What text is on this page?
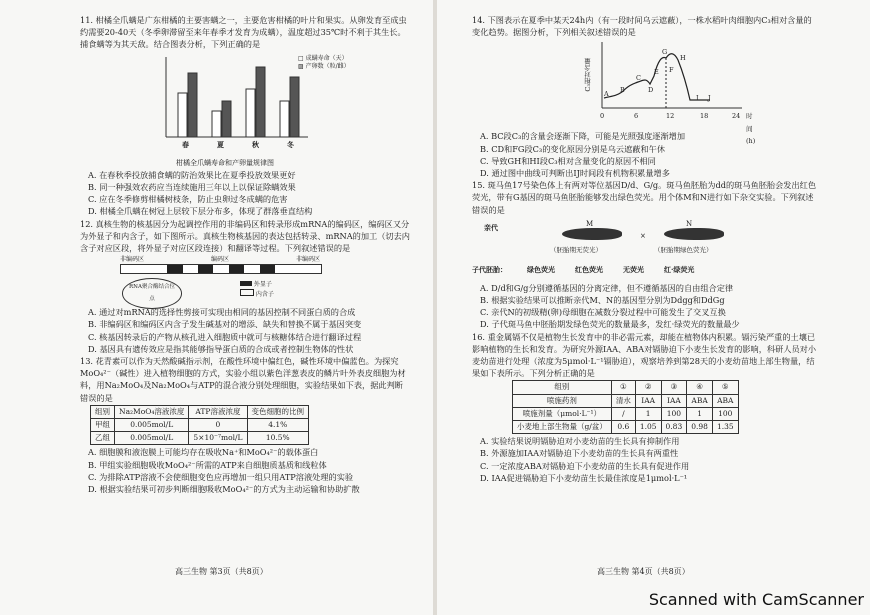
11. 柑橘全爪螨是广东柑橘的主要害螨之一，主要危害柑橘的叶片和果实。从卵发育至成虫约需要20-40天（冬季卵滞留至来年春季才发育为成螨），温度超过35℃时不利于其生长。捕食螨等为其天敌。结合图表分析，下列正确的是

□ 成螨寿命（天）
▨ 产卵数（粒/雌）
春	夏	秋	冬
柑橘全爪螨寿命和产卵量规律图

A. 在春秋季投放捕食螨的防治效果比在夏季投放效果更好

B. 同一种强效农药应当连续施用三年以上以保证除螨效果

C. 应在冬季修剪柑橘树枝条，防止虫卵过冬成螨的危害

D. 柑橘全爪螨在树冠上层较下层分布多，体现了群落垂直结构

12. 真核生物的核基因分为起调控作用的非编码区和转录形成mRNA的编码区，编码区又分为外显子和内含子，如下图所示。真核生物核基因的表达包括转录、mRNA的加工（切去内含子对应区段，将外显子对应区段连接）和翻译等过程。下列叙述错误的是

非编码区	编码区	非编码区
RNA聚合酶结合位点
外显子
内含子

A. 通过对mRNA的选择性剪接可实现由相同的基因控制不同蛋白质的合成

B. 非编码区和编码区内含子发生碱基对的增添、缺失和替换不属于基因突变

C. 核基因转录后的产物从核孔进入细胞质中就可与核糖体结合进行翻译过程

D. 基因具有遗传效应是指其能够指导蛋白质的合成或者控制生物体的性状

13. 花青素可以作为天然酸碱指示剂，在酸性环境中偏红色，碱性环境中偏蓝色。为探究MoO₄²⁻（碱性）进入植物细胞的方式，实验小组以紫色洋葱表皮的鳞片叶外表皮细胞为材料，用Na₂MoO₄及Na₂MoO₄与ATP的混合液分别处理细胞，实验结果如下表，据此判断错误的是

组别	Na₂MoO₄溶液浓度	ATP溶液浓度	变色细胞的比例
甲组	0.005mol/L	0	4.1%
乙组	0.005mol/L	5×10⁻⁷mol/L	10.5%

A. 细胞膜和液泡膜上可能均存在吸收Na⁺和MoO₄²⁻的载体蛋白

B. 甲组实验细胞吸收MoO₄²⁻所需的ATP来自细胞质基质和线粒体

C. 为排除ATP溶液不会使细胞变色应再增加一组只用ATP溶液处理的实验

D. 根据实验结果可初步判断细胞吸收MoO₄²⁻的方式为主动运输和协助扩散

高三生物 第3页（共8页）

14. 下图表示在夏季中某天24h内（有一段时间乌云遮蔽），一株水稻叶肉细胞内C₃相对含量的变化趋势。据图分析，下列相关叙述错误的是

C₃相对含量
0	6	12	18	24 时间(h)
A B
C
D
E F
G
H
I J

A. BC段C₃的含量会逐渐下降，可能是光照强度逐渐增加

B. CD和FG段C₃的变化原因分别是乌云遮蔽和午休

C. 导致GH和HI段C₃相对含量变化的原因不相同

D. 通过图中曲线可判断出IJ时间段有机物积累量增多

15. 斑马鱼17号染色体上有两对等位基因D/d、G/g。斑马鱼胚胎为dd的斑马鱼胚胎会发出红色荧光，带有G基因的斑马鱼胚胎能够发出绿色荧光。用个体M和N进行如下杂交实验。下列叙述错误的是

亲代	M
×
N
（胚胎期无荧光）	（胚胎期绿色荧光）
子代胚胎：	绿色荧光	红色荧光	无荧光	红·绿荧光

A. D/d和G/g分别遵循基因的分离定律，但不遵循基因的自由组合定律

B. 根据实验结果可以推断亲代M、N的基因型分别为Ddgg和DdGg

C. 亲代N的初级精(卵)母细胞在减数分裂过程中可能发生了交叉互换

D. 子代斑马鱼中胚胎期发绿色荧光的数量最多，发红·绿荧光的数量最少

16. 重金属镉不仅是植物生长发育中的非必需元素，却能在植物体内积累。镉污染严重的土壤已影响植物的生长和发育。为研究外源IAA、ABA对镉胁迫下小麦生长发育的影响，科研人员对小麦幼苗进行处理（浓度为5μmol·L⁻¹镉胁迫），观察培养到第28天的小麦幼苗地上部生物量，结果如下表所示。下列分析正确的是

组别	①	②	③	④	⑤
喷施药剂	清水	IAA	IAA	ABA	ABA
喷施剂量（μmol·L⁻¹）	/	1	100	1	100
小麦地上部生物量（g/盆）	0.6	1.05	0.83	0.98	1.35

A. 实验结果说明镉胁迫对小麦幼苗的生长具有抑制作用

B. 外源施加IAA对镉胁迫下小麦幼苗的生长具有两重性

C. 一定浓度ABA对镉胁迫下小麦幼苗的生长具有促进作用

D. IAA促进镉胁迫下小麦幼苗生长最佳浓度是1μmol·L⁻¹

高三生物 第4页（共8页）
Scanned with CamScanner
